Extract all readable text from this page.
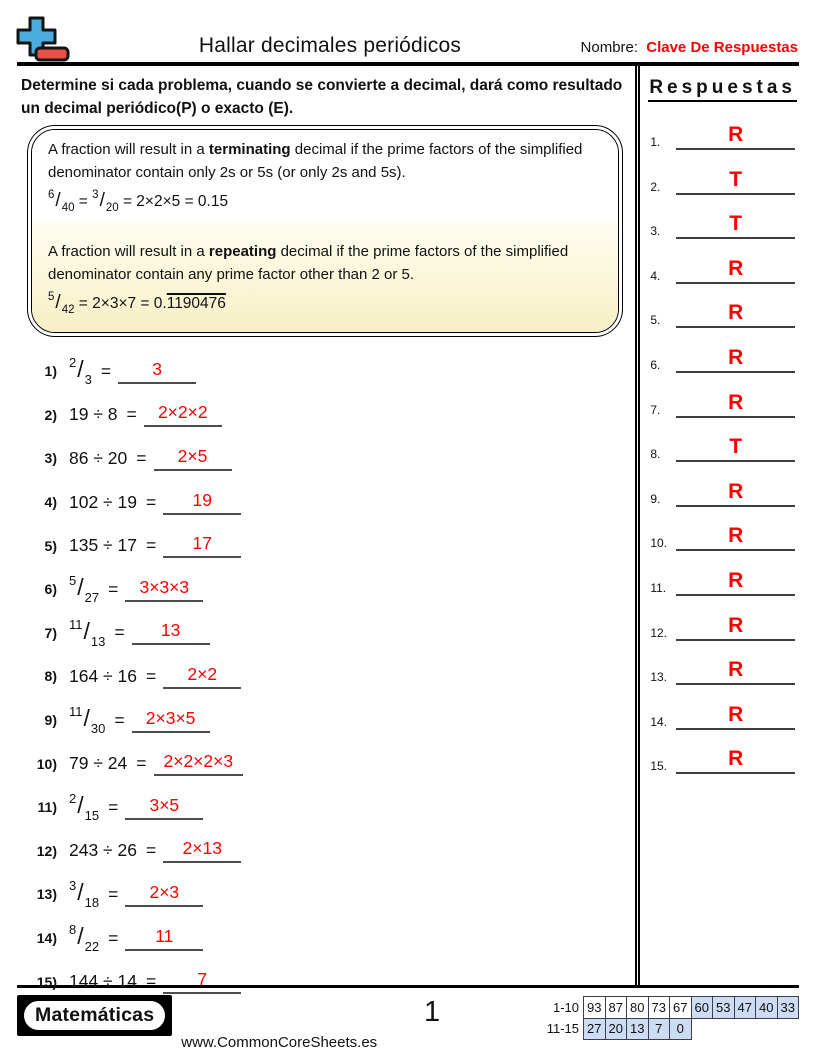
Hallar decimales periódicos	Nombre: Clave De Respuestas

Determine si cada problema, cuando se convierte a decimal, dará como resultado un decimal periódico(P) o exacto (E).

A fraction will result in a terminating decimal if the prime factors of the simplified denominator contain only 2s or 5s (or only 2s and 5s).
$^6/_{40} = ^3/_{20} = 2\times 2\times 5 = 0.15$
A fraction will result in a repeating decimal if the prime factors of the simplified denominator contain any prime factor other than 2 or 5.
$^5/_{42} = 2\times 3\times 7 = 0.1190476$
1)
$^2/_3 = 3$
2) 19 ÷ 8 = 2×2×2
3) 86 ÷ 20 = 2×5
4) 102 ÷ 19 = 19
5) 135 ÷ 17 = 17
6)
$^5/_{27} = 3\times 3\times 3$
7)
$^{11}/_{13} = 13$
8) 164 ÷ 16 = 2×2
9)
$^{11}/_{30} = 2\times 3\times 5$
10) 79 ÷ 24 = 2×2×2×3
11)
$^2/_{15} = 3\times 5$
12) 243 ÷ 26 = 2×13
13)
$^3/_{18} = 2\times 3$
14)
$^8/_{22} = 11$
15) 144 ÷ 14 = 7
Respuestas
1.	R
2.	T
3.	T
4.	R
5.	R
6.	R
7.	R
8.	T
9.	R
10.	R
11.	R
12.	R
13.	R
14.	R
15.	R
Matemáticas
www.CommonCoreSheets.es
1	1-10	93	87	80	73	67	60	53	47	40	33
11-15	27	20	13	7	0					
